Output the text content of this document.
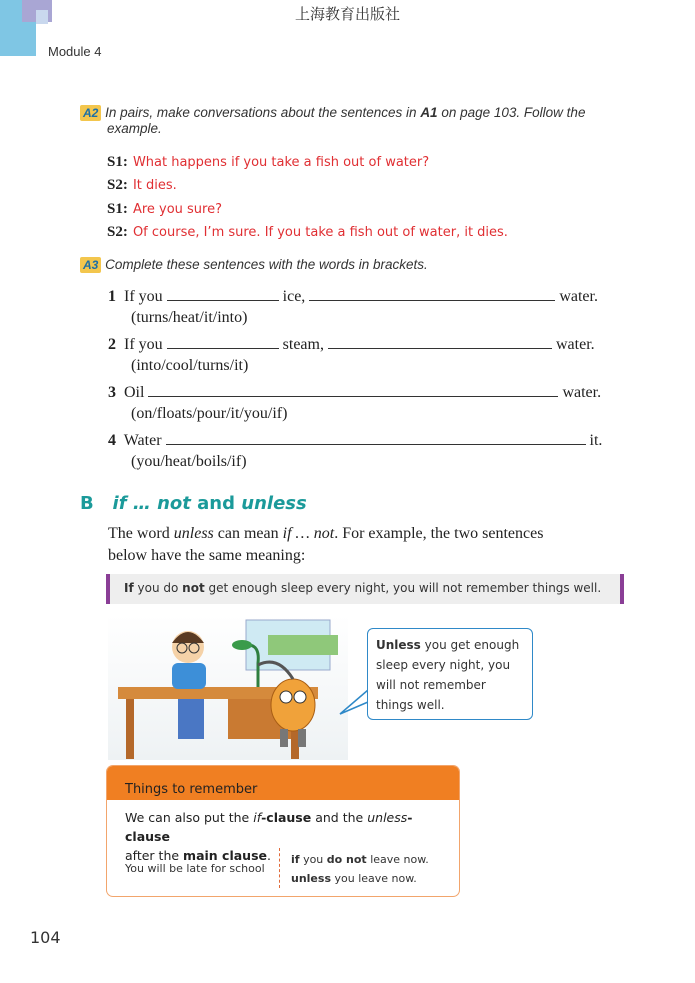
上海教育出版社
Module 4
A2 In pairs, make conversations about the sentences in A1 on page 103. Follow the
example.
S1: What happens if you take a fish out of water?
S2: It dies.
S1: Are you sure?
S2: Of course, I’m sure. If you take a fish out of water, it dies.
A3 Complete these sentences with the words in brackets.
1 If you	ice,	water.
(turns/heat/it/into)
2 If you	steam,	water.
(into/cool/turns/it)
3 Oil	water.
(on/floats/pour/it/you/if)
4 Water	it.
(you/heat/boils/if)
B if … not and unless
The word unless can mean if … not. For example, the two sentences
below have the same meaning:
If you do not get enough sleep every night, you will not remember things well.
Unless you get enough
sleep every night, you
will not remember
things well.
Things to remember
We can also put the if-clause and the unless-clause
after the main clause.
You will be late for school
if you do not leave now.
unless you leave now.
104
